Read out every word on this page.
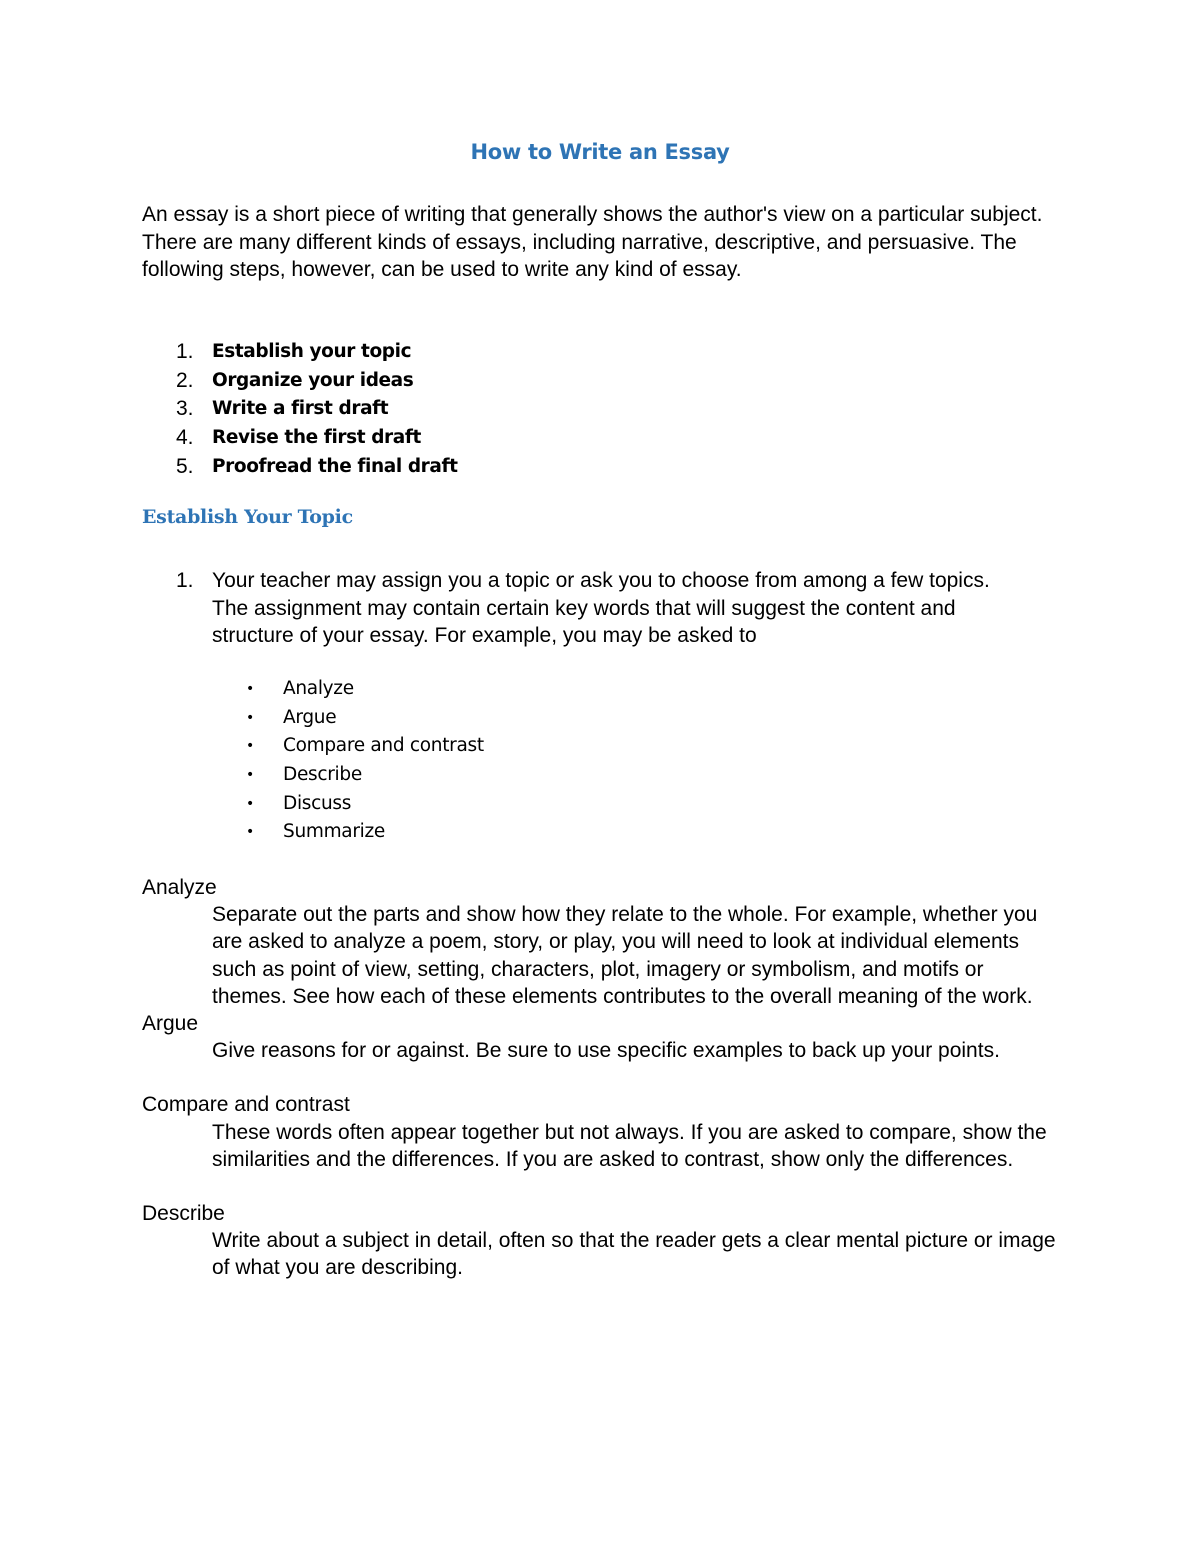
How to Write an Essay

An essay is a short piece of writing that generally shows the author's view on a particular subject. There are many different kinds of essays, including narrative, descriptive, and persuasive. The following steps, however, can be used to write any kind of essay.

1. Establish your topic
2. Organize your ideas
3. Write a first draft
4. Revise the first draft
5. Proofread the final draft
Establish Your Topic
1. Your teacher may assign you a topic or ask you to choose from among a few topics. The assignment may contain certain key words that will suggest the content and structure of your essay. For example, you may be asked to
• Analyze
• Argue
• Compare and contrast
• Describe
• Discuss
• Summarize

Analyze

Separate out the parts and show how they relate to the whole. For example, whether you are asked to analyze a poem, story, or play, you will need to look at individual elements such as point of view, setting, characters, plot, imagery or symbolism, and motifs or themes. See how each of these elements contributes to the overall meaning of the work.

Argue

Give reasons for or against. Be sure to use specific examples to back up your points.

Compare and contrast

These words often appear together but not always. If you are asked to compare, show the similarities and the differences. If you are asked to contrast, show only the differences.

Describe

Write about a subject in detail, often so that the reader gets a clear mental picture or image of what you are describing.
